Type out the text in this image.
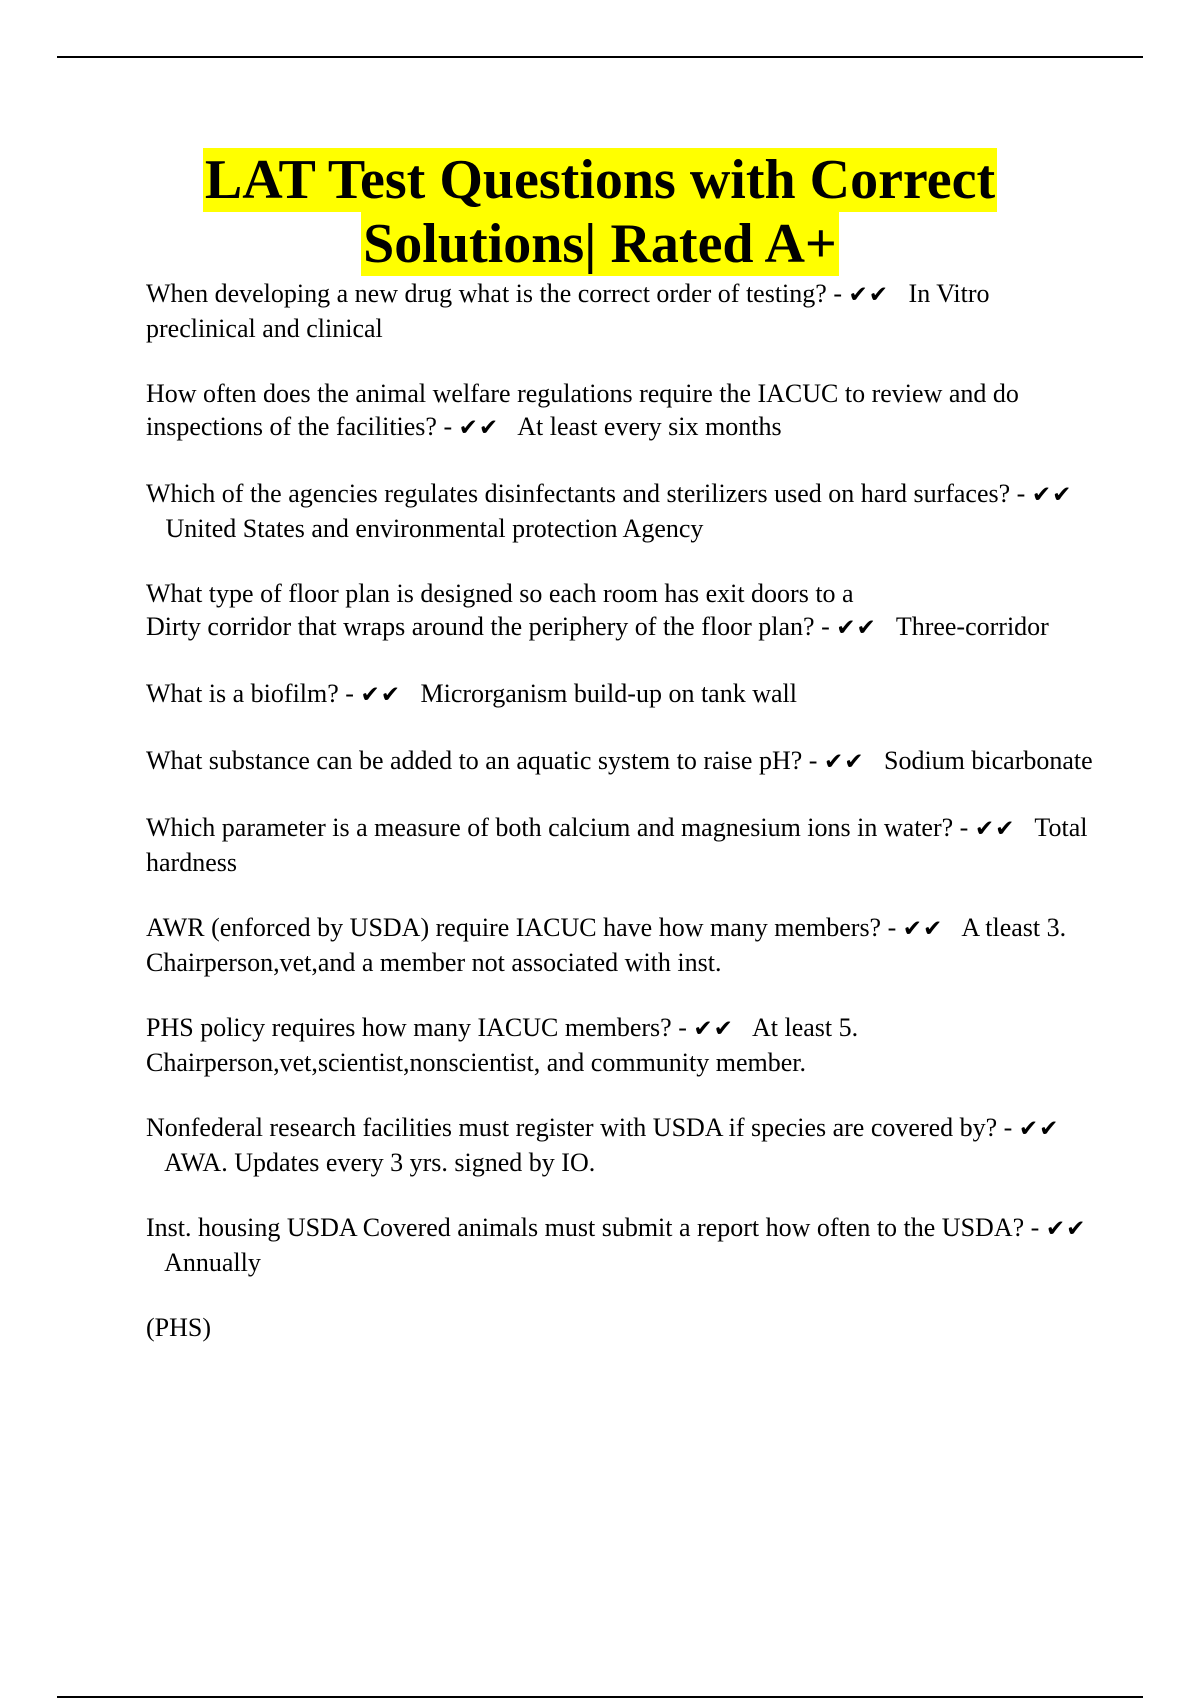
LAT Test Questions with Correct
Solutions| Rated A+

When developing a new drug what is the correct order of testing? - ✔✔ In Vitro preclinical and clinical

How often does the animal welfare regulations require the IACUC to review and do inspections of the facilities? - ✔✔ At least every six months

Which of the agencies regulates disinfectants and sterilizers used on hard surfaces? - ✔✔   United States and environmental protection Agency

What type of floor plan is designed so each room has exit doors to a
Dirty corridor that wraps around the periphery of the floor plan? - ✔✔ Three-corridor

What is a biofilm? - ✔✔ Microrganism build-up on tank wall

What substance can be added to an aquatic system to raise pH? - ✔✔ Sodium bicarbonate

Which parameter is a measure of both calcium and magnesium ions in water? - ✔✔ Total hardness

AWR (enforced by USDA) require IACUC have how many members? - ✔✔ A tleast 3.
Chairperson,vet,and a member not associated with inst.

PHS policy requires how many IACUC members? - ✔✔ At least 5.
Chairperson,vet,scientist,nonscientist, and community member.

Nonfederal research facilities must register with USDA if species are covered by? - ✔✔   AWA. Updates every 3 yrs. signed by IO.

Inst. housing USDA Covered animals must submit a report how often to the USDA? - ✔✔   Annually

(PHS)
